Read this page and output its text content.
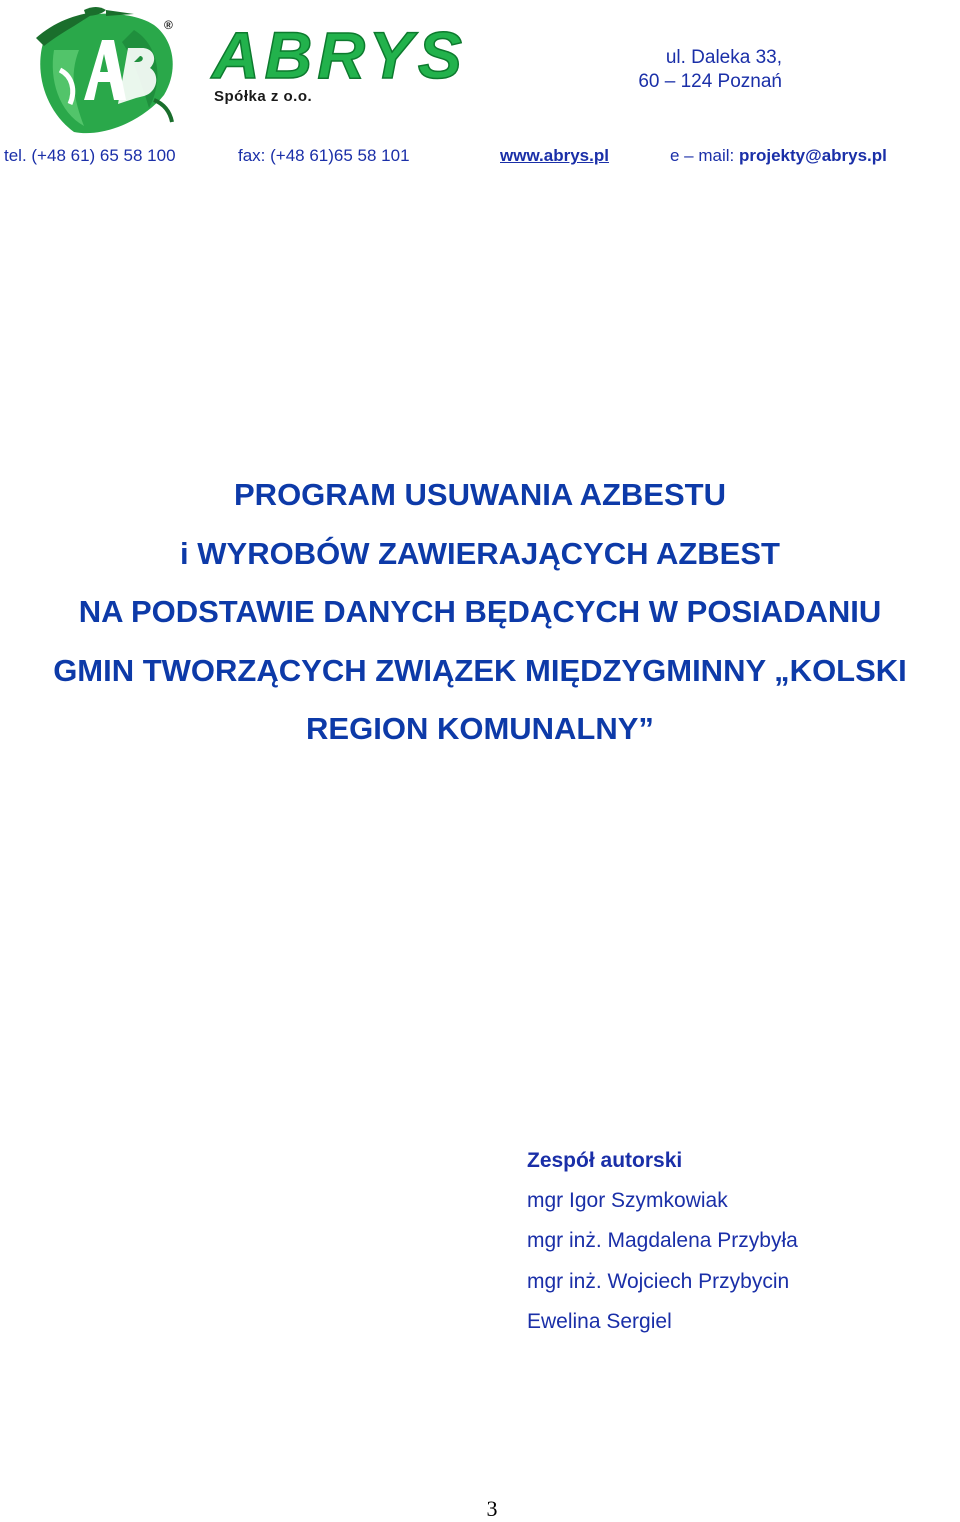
® ABRYS
Spółka z o.o.
ul. Daleka 33,
60 – 124 Poznań
tel. (+48 61) 65 58 100	fax: (+48 61)65 58 101	www.abrys.pl	e – mail: projekty@abrys.pl
PROGRAM USUWANIA AZBESTU
i WYROBÓW ZAWIERAJĄCYCH AZBEST
NA PODSTAWIE DANYCH BĘDĄCYCH W POSIADANIU
GMIN TWORZĄCYCH ZWIĄZEK MIĘDZYGMINNY „KOLSKI
REGION KOMUNALNY”
Zespół autorski
mgr Igor Szymkowiak
mgr inż. Magdalena Przybyła
mgr inż. Wojciech Przybycin
Ewelina Sergiel
3
